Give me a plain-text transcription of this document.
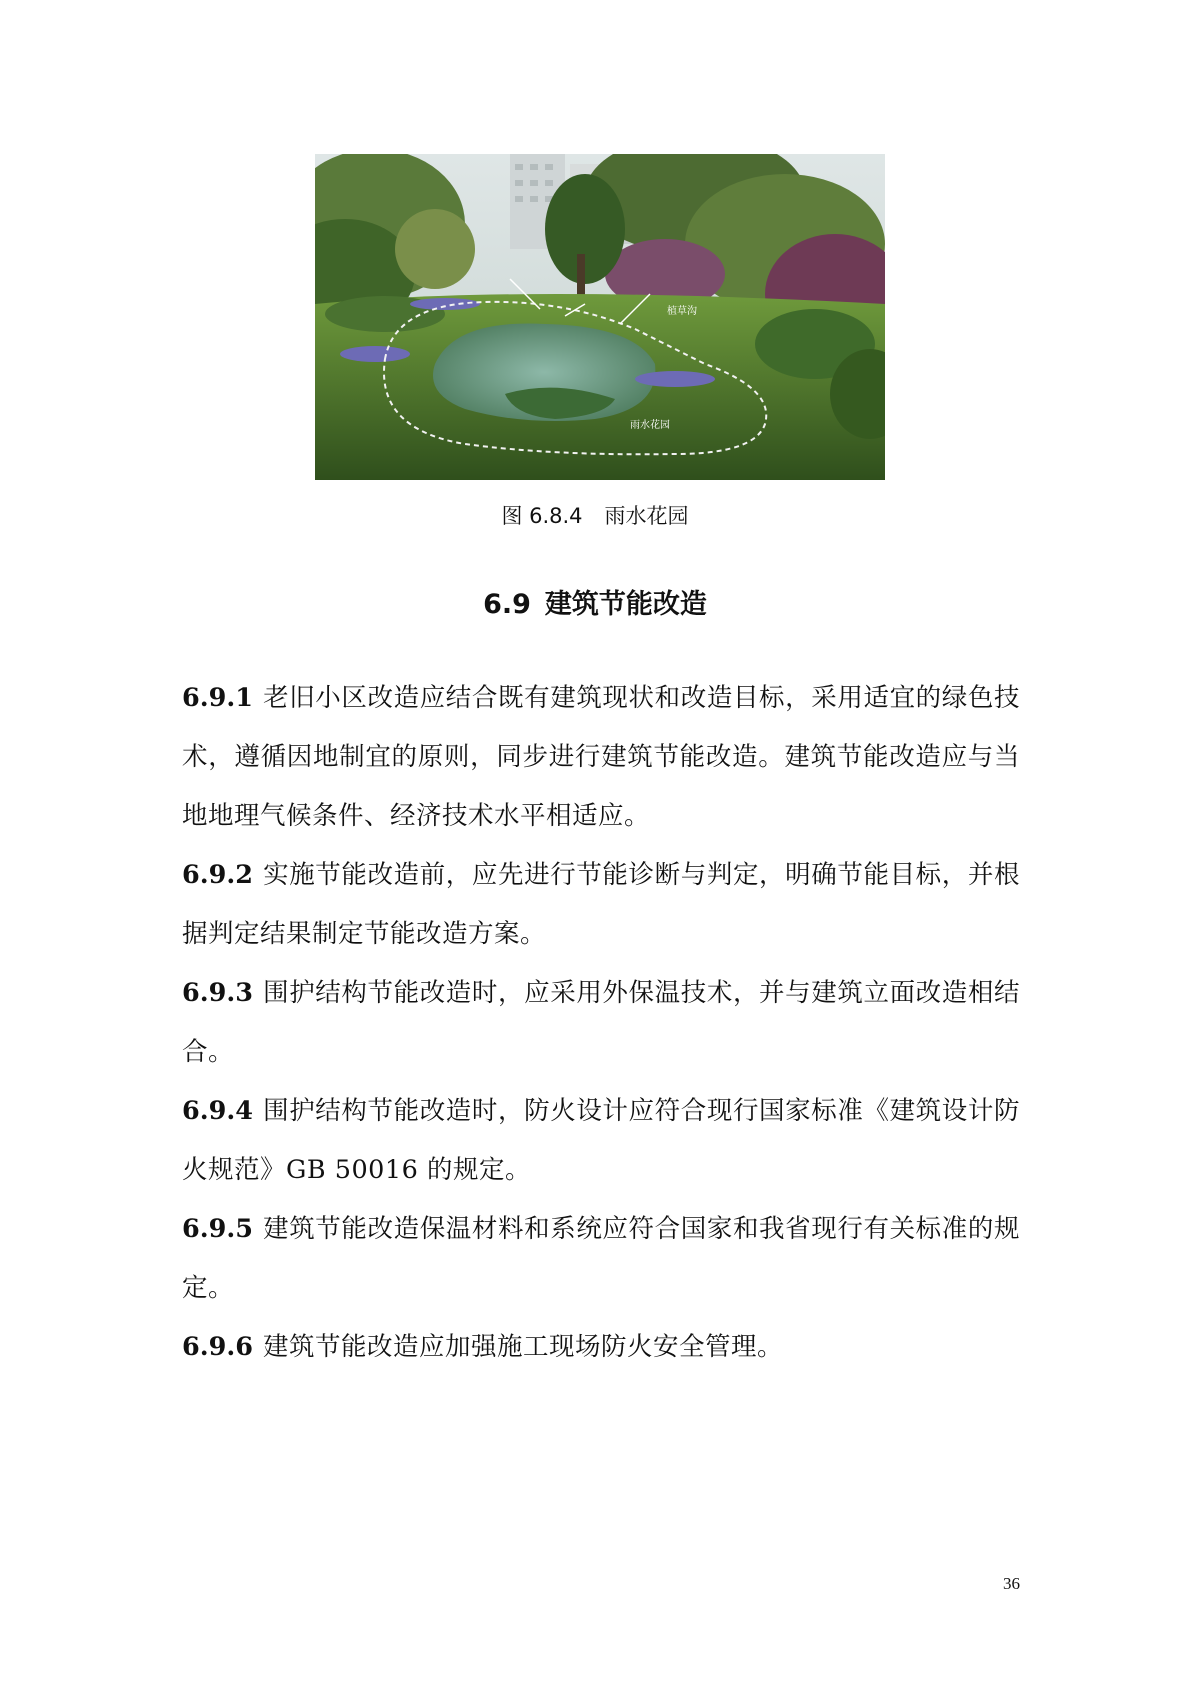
植草沟
雨水花园
图 6.8.4 雨水花园
6.9 建筑节能改造

6.9.1 老旧小区改造应结合既有建筑现状和改造目标，采用适宜的绿色技术，遵循因地制宜的原则，同步进行建筑节能改造。建筑节能改造应与当地地理气候条件、经济技术水平相适应。

6.9.2 实施节能改造前，应先进行节能诊断与判定，明确节能目标，并根据判定结果制定节能改造方案。

6.9.3 围护结构节能改造时，应采用外保温技术，并与建筑立面改造相结合。

6.9.4 围护结构节能改造时，防火设计应符合现行国家标准《建筑设计防火规范》GB 50016 的规定。

6.9.5 建筑节能改造保温材料和系统应符合国家和我省现行有关标准的规定。

6.9.6 建筑节能改造应加强施工现场防火安全管理。

36
